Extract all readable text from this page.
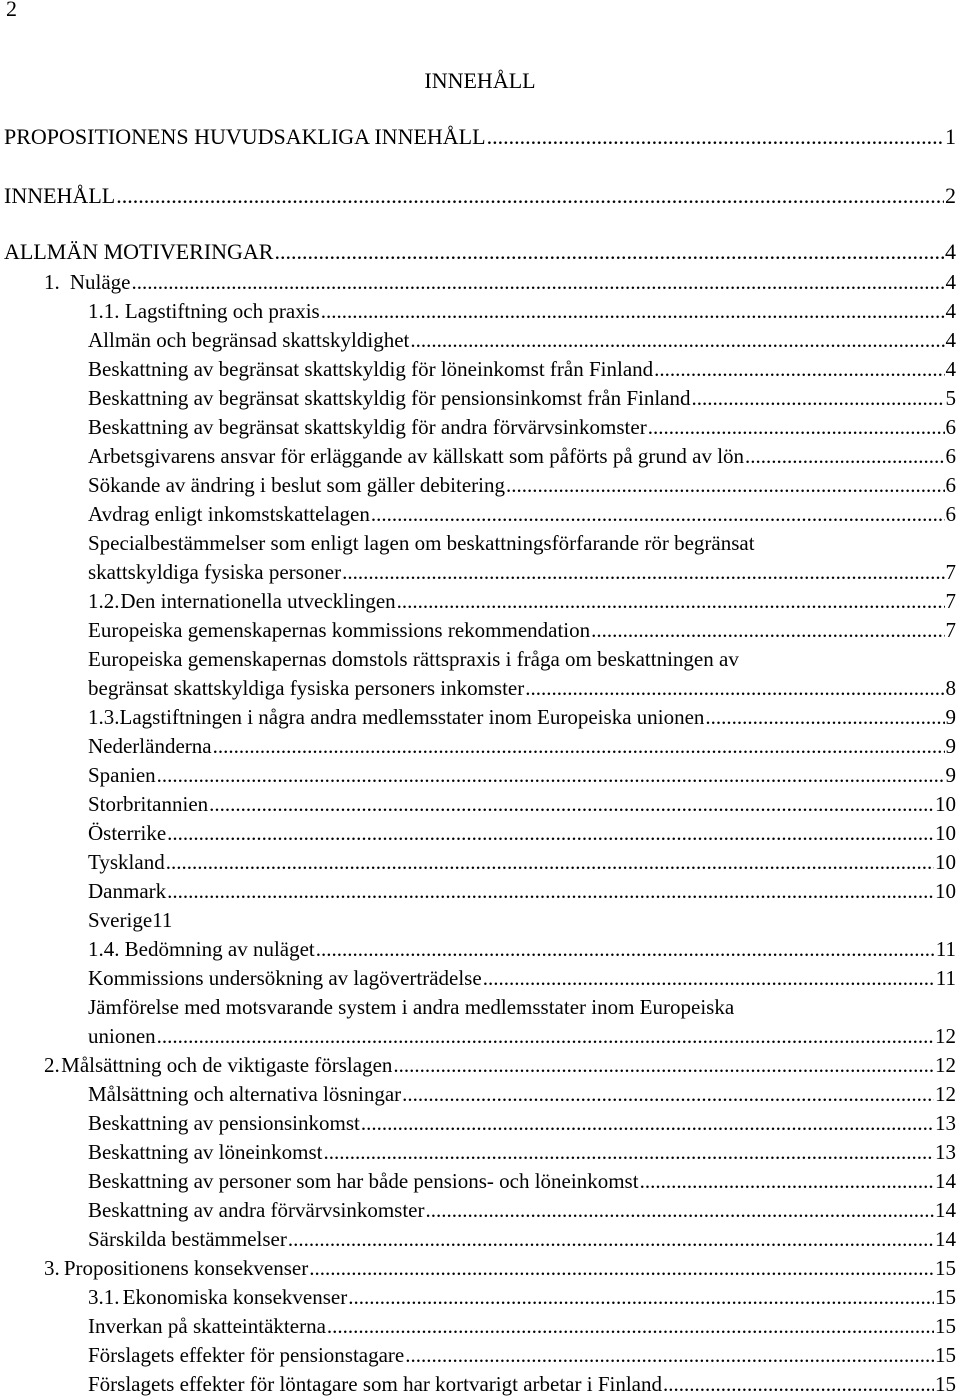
2
INNEHÅLL
PROPOSITIONENS HUVUDSAKLIGA INNEHÅLL .....	1
INNEHÅLL .....	2
ALLMÄN MOTIVERINGAR .....	4
1. Nuläge .....	4
1.1. Lagstiftning och praxis .....	4
Allmän och begränsad skattskyldighet .....	4
Beskattning av begränsat skattskyldig för löneinkomst från Finland .....	4
Beskattning av begränsat skattskyldig för pensionsinkomst från Finland .....	5
Beskattning av begränsat skattskyldig för andra förvärvsinkomster .....	6
Arbetsgivarens ansvar för erläggande av källskatt som påförts på grund av lön .....	6
Sökande av ändring i beslut som gäller debitering .....	6
Avdrag enligt inkomstskattelagen .....	6
Specialbestämmelser som enligt lagen om beskattningsförfarande rör begränsat
skattskyldiga fysiska personer .....	7
1.2. Den internationella utvecklingen .....	7
Europeiska gemenskapernas kommissions rekommendation .....	7
Europeiska gemenskapernas domstols rättspraxis i fråga om beskattningen av
begränsat skattskyldiga fysiska personers inkomster .....	8
1.3. Lagstiftningen i några andra medlemsstater inom Europeiska unionen .....	9
Nederländerna .....	9
Spanien .....	9
Storbritannien .....	10
Österrike .....	10
Tyskland .....	10
Danmark .....	10
Sverige11
1.4. Bedömning av nuläget .....	11
Kommissions undersökning av lagöverträdelse .....	11
Jämförelse med motsvarande system i andra medlemsstater inom Europeiska
unionen .....	12
2. Målsättning och de viktigaste förslagen .....	12
Målsättning och alternativa lösningar .....	12
Beskattning av pensionsinkomst .....	13
Beskattning av löneinkomst .....	13
Beskattning av personer som har både pensions- och löneinkomst .....	14
Beskattning av andra förvärvsinkomster .....	14
Särskilda bestämmelser .....	14
3. Propositionens konsekvenser .....	15
3.1. Ekonomiska konsekvenser .....	15
Inverkan på skatteintäkterna .....	15
Förslagets effekter för pensionstagare .....	15
Förslagets effekter för löntagare som har kortvarigt arbetar i Finland .....	15
